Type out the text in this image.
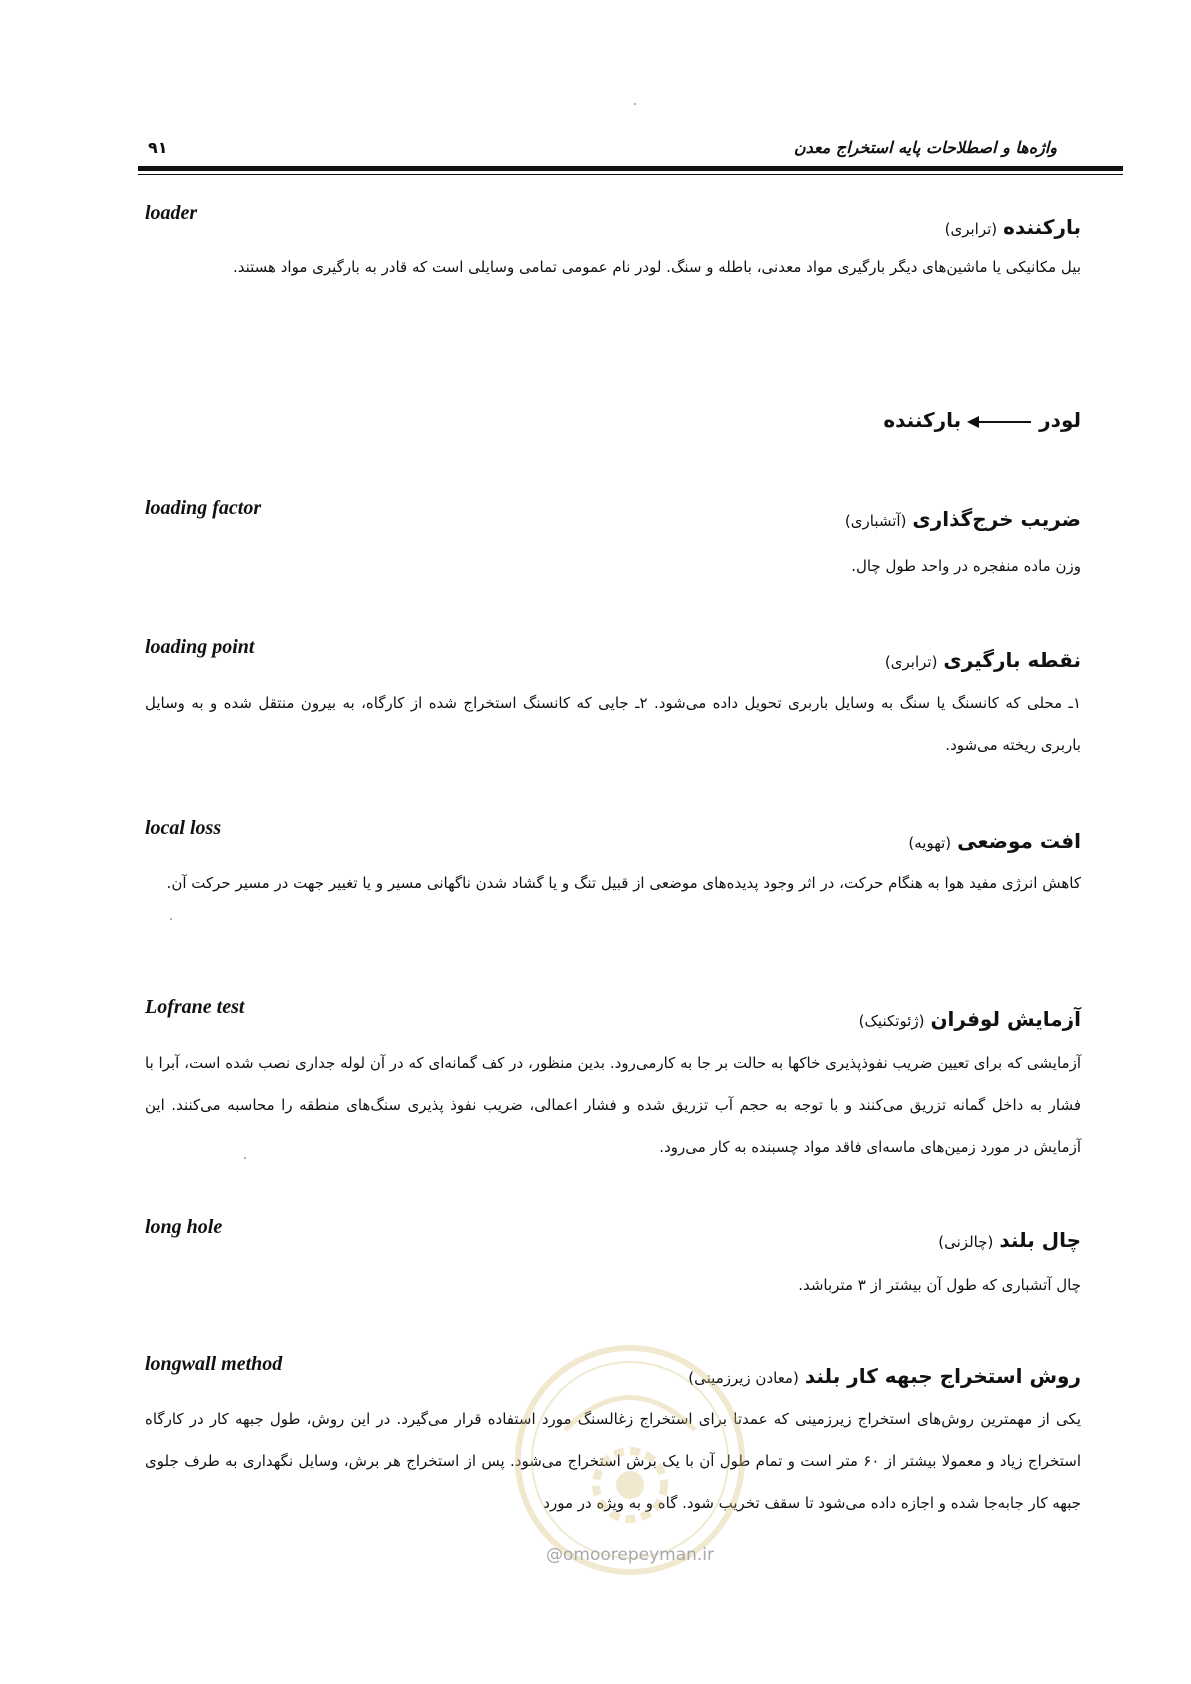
واژه‌ها و اصطلاحات پایه استخراج معدن
۹۱
loader
بارکننده(ترابری)
بیل مکانیکی یا ماشین‌های دیگر بارگیری مواد معدنی، باطله و سنگ. لودر نام عمومی تمامی وسایلی است که قادر به بارگیری مواد هستند.
لودربارکننده
loading factor	ضریب خرج‌گذاری(آتشباری)
وزن ماده منفجره در واحد طول چال.
loading point
نقطه بارگیری(ترابری)
۱ـ محلی که کانسنگ یا سنگ به وسایل باربری تحویل داده می‌شود. ۲ـ جایی که کانسنگ استخراج شده از کارگاه، به بیرون منتقل شده و به وسایل باربری ریخته می‌شود.
local loss
افت موضعی(تهویه)
کاهش انرژی مفید هوا به هنگام حرکت، در اثر وجود پدیده‌های موضعی از قبیل تنگ و یا گشاد شدن ناگهانی مسیر و یا تغییر جهت در مسیر حرکت آن.
Lofrane test	آزمایش لوفران(ژئوتکنیک)
آزمایشی که برای تعیین ضریب نفوذپذیری خاکها به حالت بر جا به کارمی‌رود. بدین منظور، در کف گمانه‌ای که در آن لوله جداری نصب شده است، آبرا با فشار به داخل گمانه تزریق می‌کنند و با توجه به حجم آب تزریق شده و فشار اعمالی، ضریب نفوذ پذیری سنگ‌های منطقه را محاسبه می‌کنند. این آزمایش در مورد زمین‌های ماسه‌ای فاقد مواد چسبنده به کار می‌رود.
long hole
چال بلند(چالزنی)
چال آتشباری که طول آن بیشتر از ۳ مترباشد.
longwall method	روش استخراج جبهه کار بلند(معادن زیرزمینی)
یکی از مهمترین روش‌های استخراج زیرزمینی که عمدتا برای استخراج زغالسنگ مورد استفاده قرار می‌گیرد. در این روش، طول جبهه کار در کارگاه استخراج زیاد و معمولا بیشتر از ۶۰ متر است و تمام طول آن با یک برش استخراج می‌شود. پس از استخراج هر برش، وسایل نگهداری به طرف جلوی جبهه کار جابه‌جا شده و اجازه داده می‌شود تا سقف تخریب شود. گاه و به ویژه در مورد
@omoorepeyman.ir
